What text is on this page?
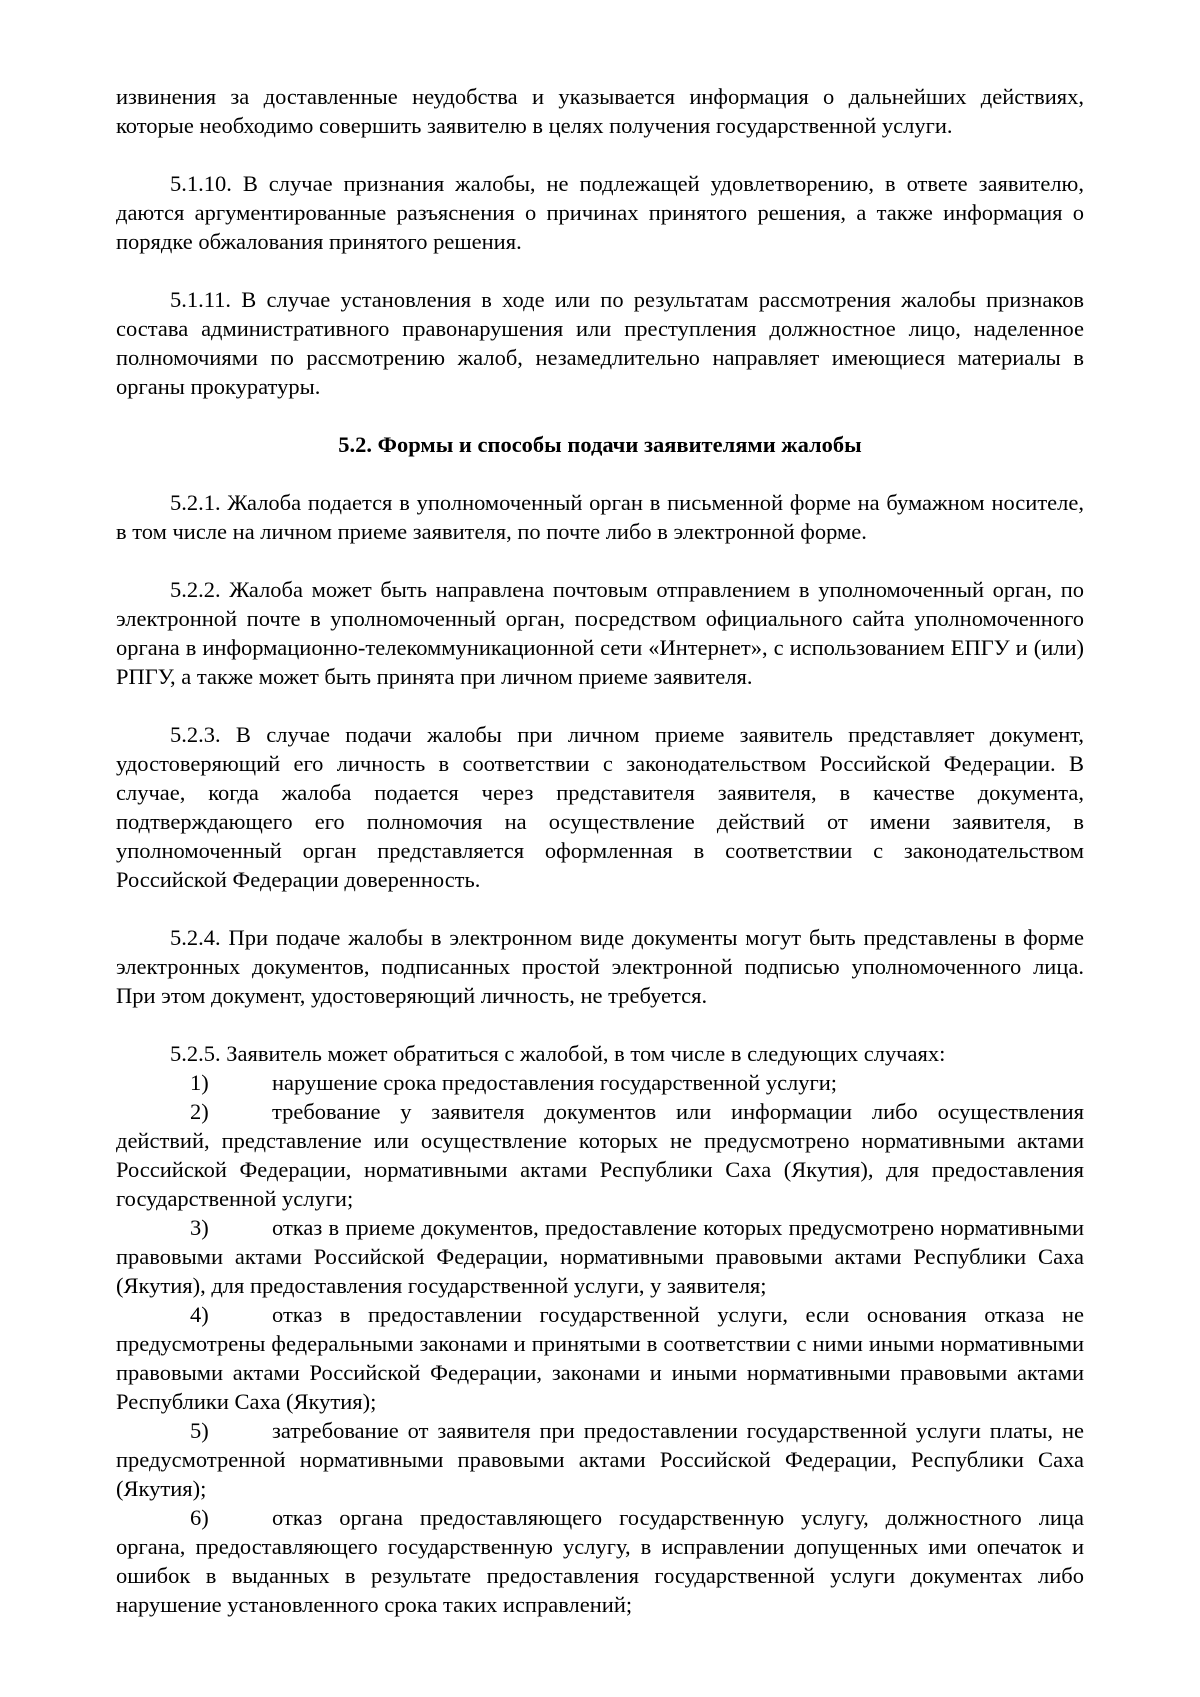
извинения за доставленные неудобства и указывается информация о дальнейших действиях, которые необходимо совершить заявителю в целях получения государственной услуги.

5.1.10. В случае признания жалобы, не подлежащей удовлетворению, в ответе заявителю, даются аргументированные разъяснения о причинах принятого решения, а также информация о порядке обжалования принятого решения.

5.1.11. В случае установления в ходе или по результатам рассмотрения жалобы признаков состава административного правонарушения или преступления должностное лицо, наделенное полномочиями по рассмотрению жалоб, незамедлительно направляет имеющиеся материалы в органы прокуратуры.

5.2. Формы и способы подачи заявителями жалобы

5.2.1. Жалоба подается в уполномоченный орган в письменной форме на бумажном носителе, в том числе на личном приеме заявителя, по почте либо в электронной форме.

5.2.2. Жалоба может быть направлена почтовым отправлением в уполномоченный орган, по электронной почте в уполномоченный орган, посредством официального сайта уполномоченного органа в информационно-телекоммуникационной сети «Интернет», с использованием ЕПГУ и (или) РПГУ, а также может быть принята при личном приеме заявителя.

5.2.3. В случае подачи жалобы при личном приеме заявитель представляет документ, удостоверяющий его личность в соответствии с законодательством Российской Федерации. В случае, когда жалоба подается через представителя заявителя, в качестве документа, подтверждающего его полномочия на осуществление действий от имени заявителя, в уполномоченный орган представляется оформленная в соответствии с законодательством Российской Федерации доверенность.

5.2.4. При подаче жалобы в электронном виде документы могут быть представлены в форме электронных документов, подписанных простой электронной подписью уполномоченного лица. При этом документ, удостоверяющий личность, не требуется.

5.2.5. Заявитель может обратиться с жалобой, в том числе в следующих случаях:

1)	нарушение срока предоставления государственной услуги;

2)	требование у заявителя документов или информации либо осуществления действий, представление или осуществление которых не предусмотрено нормативными актами Российской Федерации, нормативными актами Республики Саха (Якутия), для предоставления государственной услуги;

3)	отказ в приеме документов, предоставление которых предусмотрено нормативными правовыми актами Российской Федерации, нормативными правовыми актами Республики Саха (Якутия), для предоставления государственной услуги, у заявителя;

4)	отказ в предоставлении государственной услуги, если основания отказа не предусмотрены федеральными законами и принятыми в соответствии с ними иными нормативными правовыми актами Российской Федерации, законами и иными нормативными правовыми актами Республики Саха (Якутия);

5)	затребование от заявителя при предоставлении государственной услуги платы, не предусмотренной нормативными правовыми актами Российской Федерации, Республики Саха (Якутия);

6)	отказ органа предоставляющего государственную услугу, должностного лица органа, предоставляющего государственную услугу, в исправлении допущенных ими опечаток и ошибок в выданных в результате предоставления государственной услуги документах либо нарушение установленного срока таких исправлений;
